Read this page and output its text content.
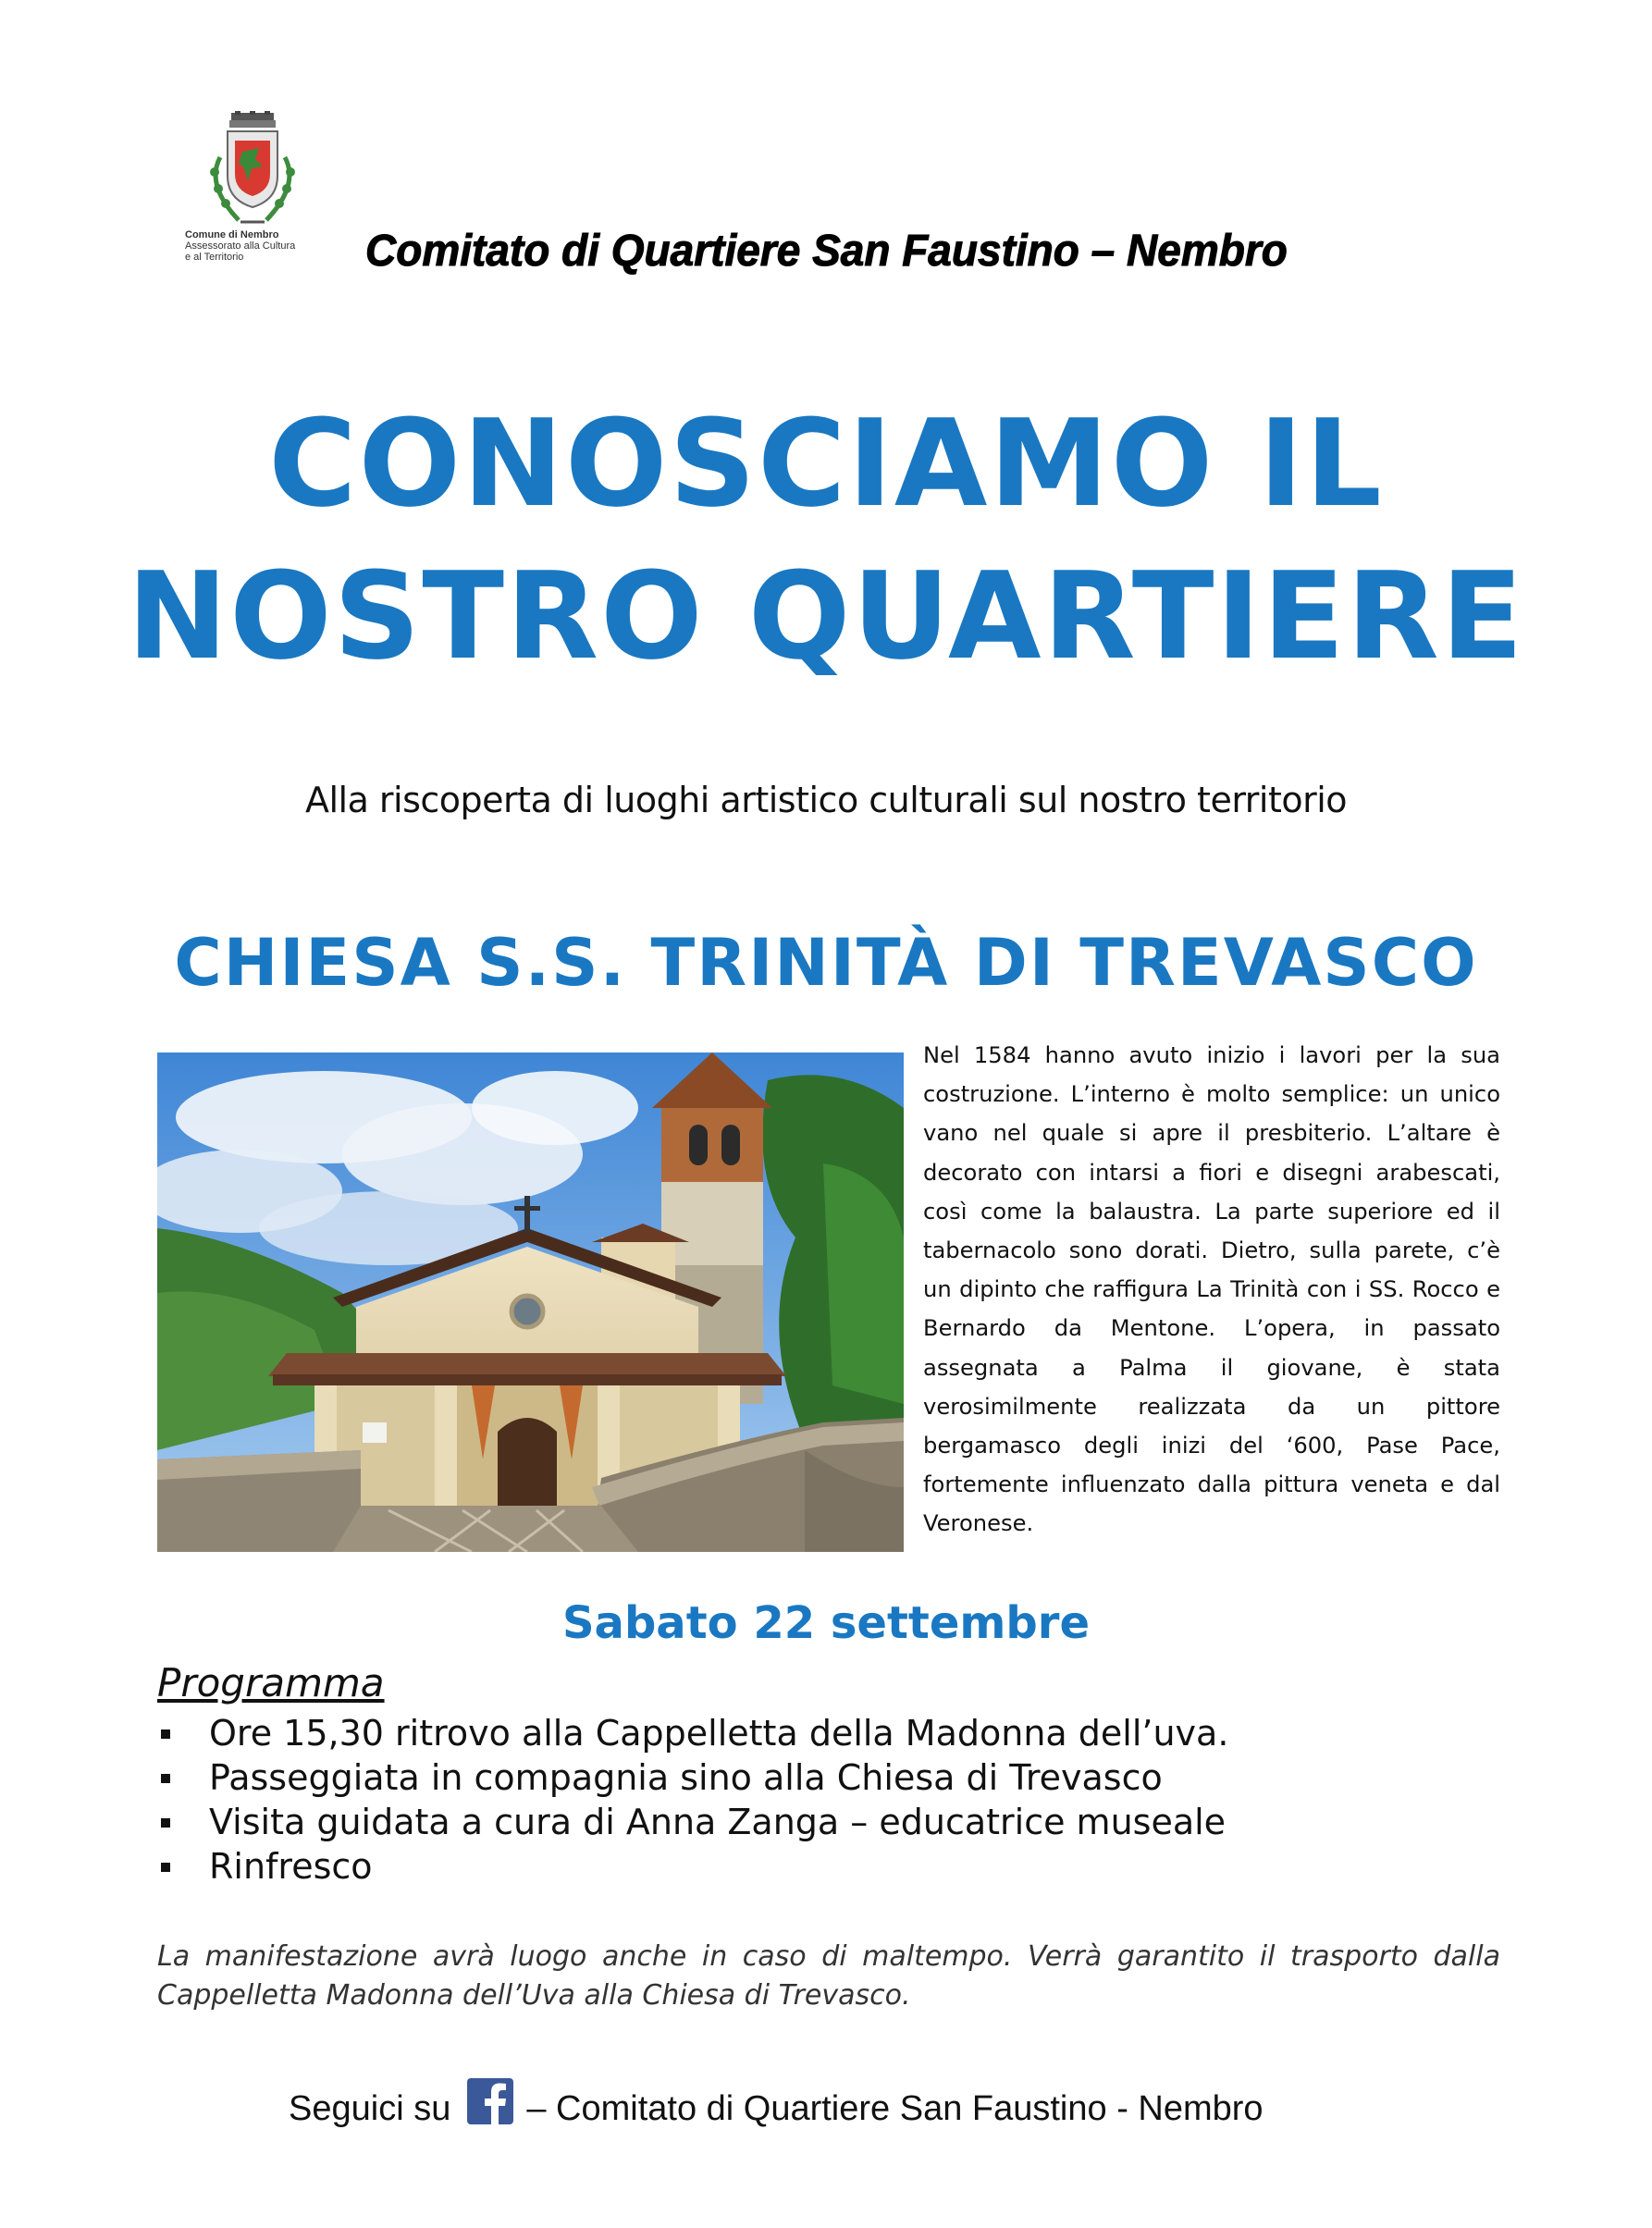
Comune di Nembro
Assessorato alla Cultura
e al Territorio	Comitato di Quartiere San Faustino – Nembro
CONOSCIAMO IL
NOSTRO QUARTIERE
Alla riscoperta di luoghi artistico culturali sul nostro territorio
CHIESA S.S. TRINITÀ DI TREVASCO
Nel 1584 hanno avuto inizio i lavori per la sua costruzione. L’interno è molto semplice: un unico vano nel quale si apre il presbiterio. L’altare è decorato con intarsi a fiori e disegni arabescati, così come la balaustra. La parte superiore ed il tabernacolo sono dorati. Dietro, sulla parete, c’è un dipinto che raffigura La Trinità con i SS. Rocco e Bernardo da Mentone. L’opera, in passato assegnata a Palma il giovane, è stata verosimilmente realizzata da un pittore bergamasco degli inizi del ‘600, Pase Pace, fortemente influenzato dalla pittura veneta e dal Veronese.
Sabato 22 settembre
Programma
Ore 15,30 ritrovo alla Cappelletta della Madonna dell’uva.
Passeggiata in compagnia sino alla Chiesa di Trevasco
Visita guidata a cura di Anna Zanga – educatrice museale
Rinfresco
La manifestazione avrà luogo anche in caso di maltempo. Verrà garantito il trasporto dalla Cappelletta Madonna dell’Uva alla Chiesa di Trevasco.
Seguici su – Comitato di Quartiere San Faustino - Nembro
